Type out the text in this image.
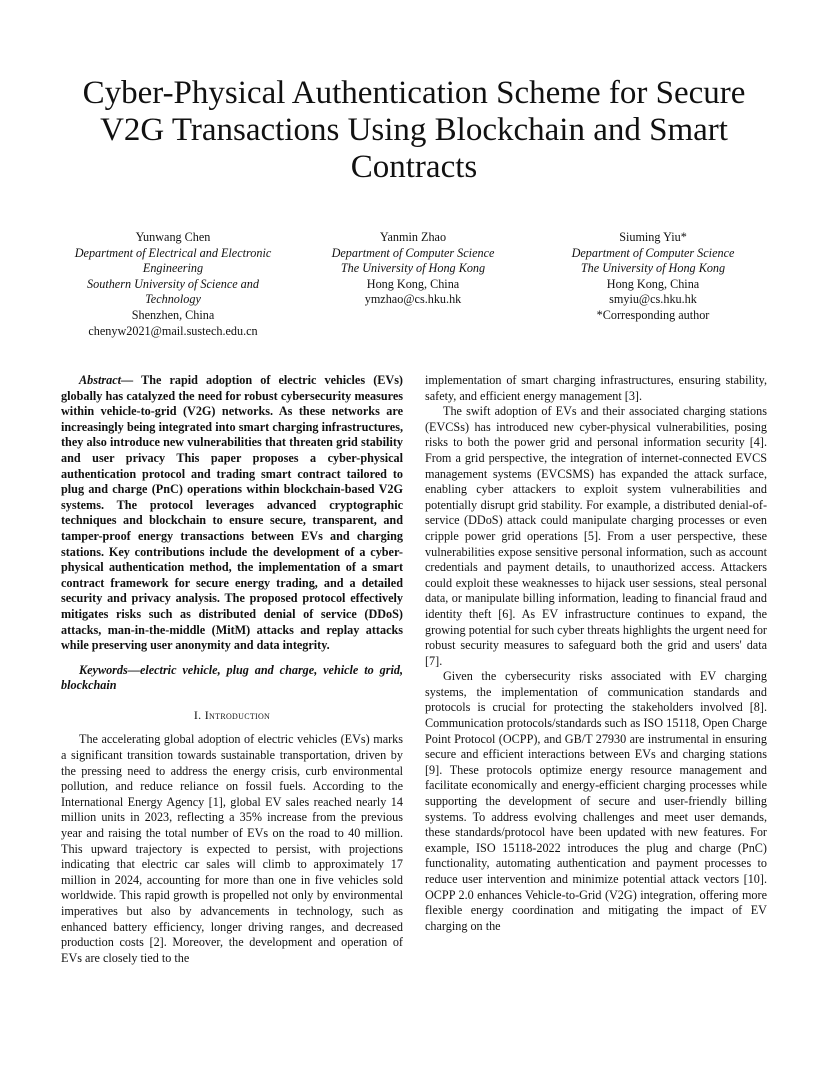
Cyber-Physical Authentication Scheme for Secure V2G Transactions Using Blockchain and Smart Contracts
Yunwang Chen
Department of Electrical and Electronic Engineering
Southern University of Science and Technology
Shenzhen, China
chenyw2021@mail.sustech.edu.cn
Yanmin Zhao
Department of Computer Science
The University of Hong Kong
Hong Kong, China
ymzhao@cs.hku.hk
Siuming Yiu*
Department of Computer Science
The University of Hong Kong
Hong Kong, China
smyiu@cs.hku.hk
*Corresponding author

Abstract— The rapid adoption of electric vehicles (EVs) globally has catalyzed the need for robust cybersecurity measures within vehicle-to-grid (V2G) networks. As these networks are increasingly being integrated into smart charging infrastructures, they also introduce new vulnerabilities that threaten grid stability and user privacy This paper proposes a cyber-physical authentication protocol and trading smart contract tailored to plug and charge (PnC) operations within blockchain-based V2G systems. The protocol leverages advanced cryptographic techniques and blockchain to ensure secure, transparent, and tamper-proof energy transactions between EVs and charging stations. Key contributions include the development of a cyber-physical authentication method, the implementation of a smart contract framework for secure energy trading, and a detailed security and privacy analysis. The proposed protocol effectively mitigates risks such as distributed denial of service (DDoS) attacks, man-in-the-middle (MitM) attacks and replay attacks while preserving user anonymity and data integrity.

Keywords—electric vehicle, plug and charge, vehicle to grid, blockchain

I. Introduction

The accelerating global adoption of electric vehicles (EVs) marks a significant transition towards sustainable transportation, driven by the pressing need to address the energy crisis, curb environmental pollution, and reduce reliance on fossil fuels. According to the International Energy Agency [1], global EV sales reached nearly 14 million units in 2023, reflecting a 35% increase from the previous year and raising the total number of EVs on the road to 40 million. This upward trajectory is expected to persist, with projections indicating that electric car sales will climb to approximately 17 million in 2024, accounting for more than one in five vehicles sold worldwide. This rapid growth is propelled not only by environmental imperatives but also by advancements in technology, such as enhanced battery efficiency, longer driving ranges, and decreased production costs [2]. Moreover, the development and operation of EVs are closely tied to the

implementation of smart charging infrastructures, ensuring stability, safety, and efficient energy management [3].

The swift adoption of EVs and their associated charging stations (EVCSs) has introduced new cyber-physical vulnerabilities, posing risks to both the power grid and personal information security [4]. From a grid perspective, the integration of internet-connected EVCS management systems (EVCSMS) has expanded the attack surface, enabling cyber attackers to exploit system vulnerabilities and potentially disrupt grid stability. For example, a distributed denial-of-service (DDoS) attack could manipulate charging processes or even cripple power grid operations [5]. From a user perspective, these vulnerabilities expose sensitive personal information, such as account credentials and payment details, to unauthorized access. Attackers could exploit these weaknesses to hijack user sessions, steal personal data, or manipulate billing information, leading to financial fraud and identity theft [6]. As EV infrastructure continues to expand, the growing potential for such cyber threats highlights the urgent need for robust security measures to safeguard both the grid and users' data [7].

Given the cybersecurity risks associated with EV charging systems, the implementation of communication standards and protocols is crucial for protecting the stakeholders involved [8]. Communication protocols/standards such as ISO 15118, Open Charge Point Protocol (OCPP), and GB/T 27930 are instrumental in ensuring secure and efficient interactions between EVs and charging stations [9]. These protocols optimize energy resource management and facilitate economically and energy-efficient charging processes while supporting the development of secure and user-friendly billing systems. To address evolving challenges and meet user demands, these standards/protocol have been updated with new features. For example, ISO 15118-2022 introduces the plug and charge (PnC) functionality, automating authentication and payment processes to reduce user intervention and minimize potential attack vectors [10]. OCPP 2.0 enhances Vehicle-to-Grid (V2G) integration, offering more flexible energy coordination and mitigating the impact of EV charging on the
